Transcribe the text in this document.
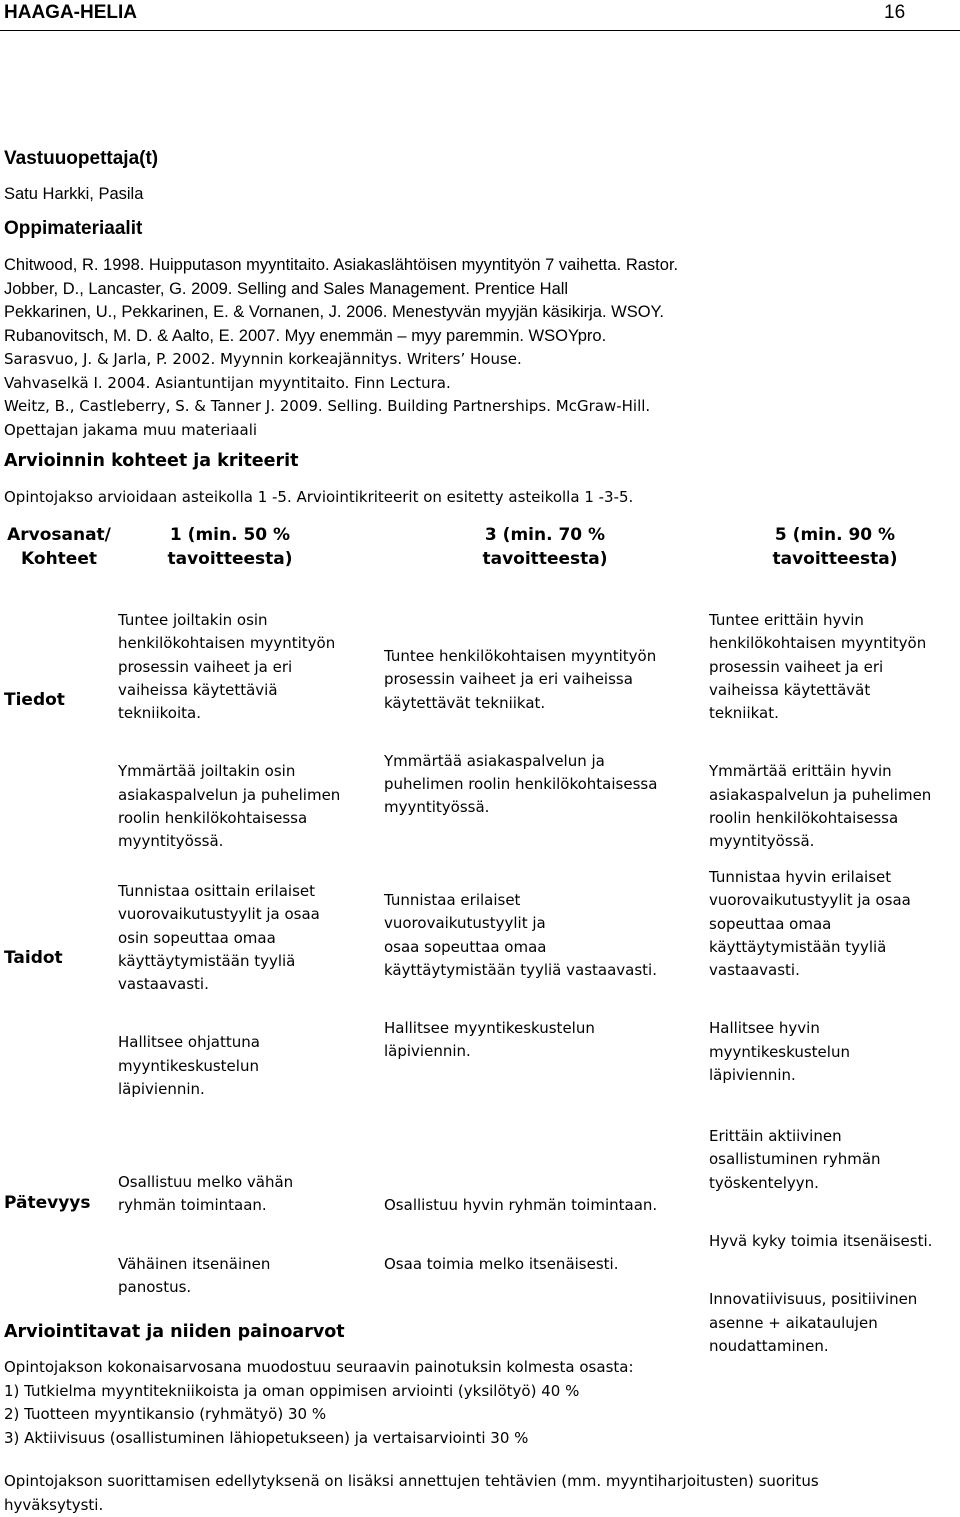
HAAGA-HELIA	16
Vastuuopettaja(t)
Satu Harkki, Pasila
Oppimateriaalit
Chitwood, R. 1998. Huipputason myyntitaito. Asiakaslähtöisen myyntityön 7 vaihetta. Rastor.
Jobber, D., Lancaster, G. 2009. Selling and Sales Management. Prentice Hall
Pekkarinen, U., Pekkarinen, E. & Vornanen, J. 2006. Menestyvän myyjän käsikirja. WSOY.
Rubanovitsch, M. D. & Aalto, E. 2007. Myy enemmän – myy paremmin. WSOYpro.
Sarasvuo, J. & Jarla, P. 2002. Myynnin korkeajännitys. Writers’ House.
Vahvaselkä I. 2004. Asiantuntijan myyntitaito. Finn Lectura.
Weitz, B., Castleberry, S. & Tanner J. 2009. Selling. Building Partnerships. McGraw-Hill.
Opettajan jakama muu materiaali
Arvioinnin kohteet ja kriteerit
Opintojakso arvioidaan asteikolla 1 -5. Arviointikriteerit on esitetty asteikolla 1 -3-5.
Arvosanat/
Kohteet
1 (min. 50 %
tavoitteesta)
3 (min. 70 %
tavoitteesta)
5 (min. 90 %
tavoitteesta)
Tiedot

Tuntee joiltakin osin
henkilökohtaisen myyntityön
prosessin vaiheet ja eri
vaiheissa käytettäviä
tekniikoita.

Ymmärtää joiltakin osin
asiakaspalvelun ja puhelimen
roolin henkilökohtaisessa
myyntityössä.

Tuntee henkilökohtaisen myyntityön
prosessin vaiheet ja eri vaiheissa
käytettävät tekniikat.

Ymmärtää asiakaspalvelun ja
puhelimen roolin henkilökohtaisessa
myyntityössä.

Tuntee erittäin hyvin
henkilökohtaisen myyntityön
prosessin vaiheet ja eri
vaiheissa käytettävät
tekniikat.

Ymmärtää erittäin hyvin
asiakaspalvelun ja puhelimen
roolin henkilökohtaisessa
myyntityössä.

Taidot

Tunnistaa osittain erilaiset
vuorovaikutustyylit ja osaa
osin sopeuttaa omaa
käyttäytymistään tyyliä
vastaavasti.

Hallitsee ohjattuna
myyntikeskustelun
läpiviennin.

Tunnistaa erilaiset
vuorovaikutustyylit ja
osaa sopeuttaa omaa
käyttäytymistään tyyliä vastaavasti.

Hallitsee myyntikeskustelun
läpiviennin.

Tunnistaa hyvin erilaiset
vuorovaikutustyylit ja osaa
sopeuttaa omaa
käyttäytymistään tyyliä
vastaavasti.

Hallitsee hyvin
myyntikeskustelun
läpiviennin.

Pätevyys

Osallistuu melko vähän
ryhmän toimintaan.

Vähäinen itsenäinen
panostus.

Osallistuu hyvin ryhmän toimintaan.

Osaa toimia melko itsenäisesti.

Erittäin aktiivinen
osallistuminen ryhmän
työskentelyyn.

Hyvä kyky toimia itsenäisesti.

Innovatiivisuus, positiivinen
asenne + aikataulujen
noudattaminen.

Arviointitavat ja niiden painoarvot
Opintojakson kokonaisarvosana muodostuu seuraavin painotuksin kolmesta osasta:
1) Tutkielma myyntitekniikoista ja oman oppimisen arviointi (yksilötyö) 40 %
2) Tuotteen myyntikansio (ryhmätyö) 30 %
3) Aktiivisuus (osallistuminen lähiopetukseen) ja vertaisarviointi 30 %
Opintojakson suorittamisen edellytyksenä on lisäksi annettujen tehtävien (mm. myyntiharjoitusten) suoritus
hyväksytysti.
